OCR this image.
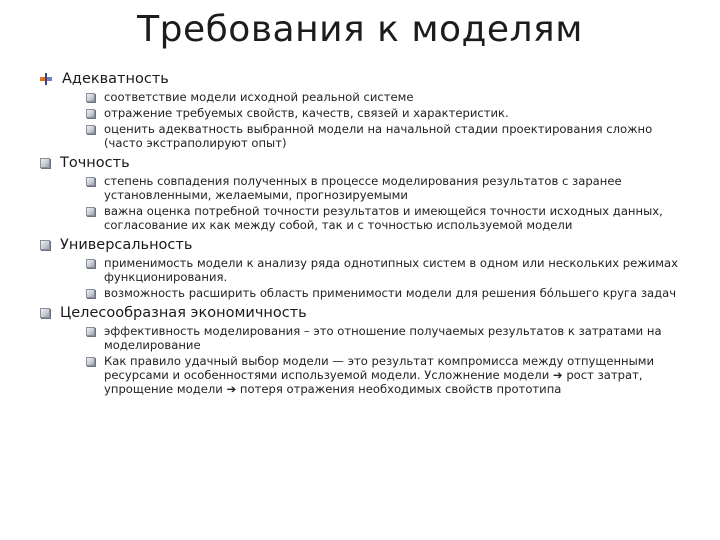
Требования к моделям
Адекватность
соответствие модели исходной реальной системе
отражение требуемых свойств, качеств, связей и характеристик.
оценить адекватность выбранной модели на начальной стадии проектирования сложно (часто экстраполируют опыт)
Точность
степень совпадения полученных в процессе моделирования результатов с заранее установленными, желаемыми, прогнозируемыми
важна оценка потребной точности результатов и имеющейся точности исходных данных, согласование их как между собой, так и с точностью используемой модели
Универсальность
применимость модели к анализу ряда однотипных систем в одном или нескольких режимах функционирования.
возможность расширить область применимости модели для решения бо́льшего круга задач
Целесообразная экономичность
эффективность моделирования – это отношение получаемых результатов к затратами на моделирование
Как правило удачный выбор модели — это результат компромисса между отпущенными ресурсами и особенностями используемой модели. Усложнение модели ➔ рост затрат, упрощение модели ➔ потеря отражения необходимых свойств прототипа
